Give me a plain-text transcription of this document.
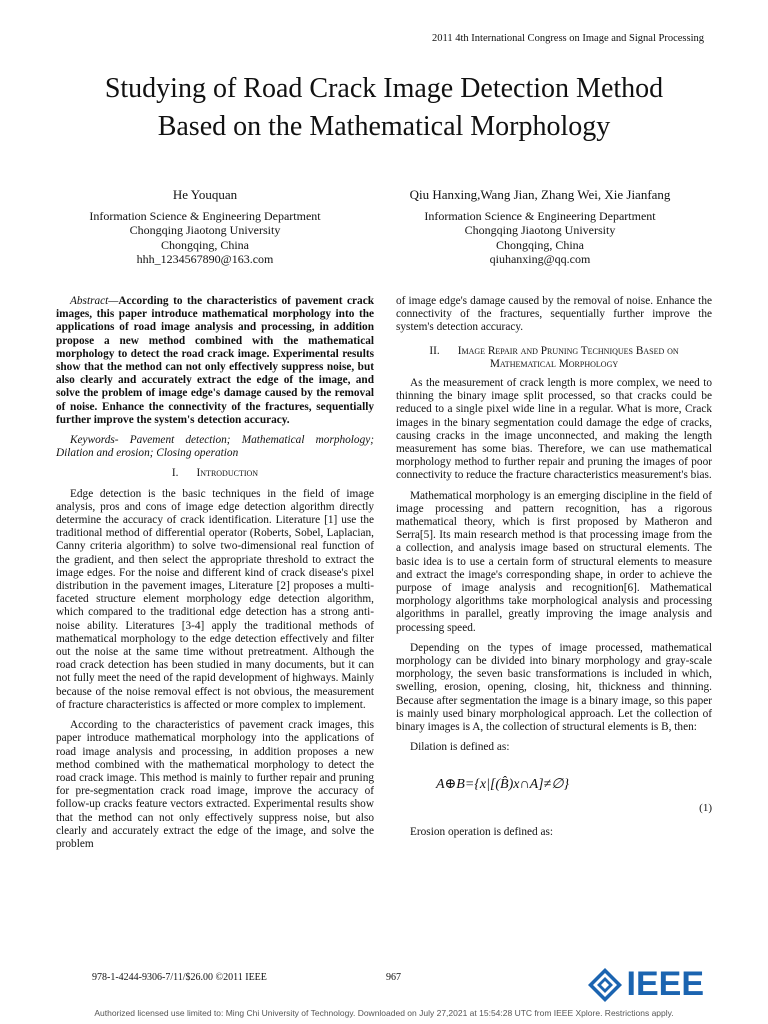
2011 4th International Congress on Image and Signal Processing
Studying of Road Crack Image Detection Method
Based on the Mathematical Morphology
He Youquan
Information Science & Engineering Department
Chongqing Jiaotong University
Chongqing, China
hhh_1234567890@163.com
Qiu Hanxing,Wang Jian, Zhang Wei, Xie Jianfang
Information Science & Engineering Department
Chongqing Jiaotong University
Chongqing, China
qiuhanxing@qq.com

Abstract—According to the characteristics of pavement crack images, this paper introduce mathematical morphology into the applications of road image analysis and processing, in addition propose a new method combined with the mathematical morphology to detect the road crack image. Experimental results show that the method can not only effectively suppress noise, but also clearly and accurately extract the edge of the image, and solve the problem of image edge's damage caused by the removal of noise. Enhance the connectivity of the fractures, sequentially further improve the system's detection accuracy.

Keywords- Pavement detection; Mathematical morphology; Dilation and erosion; Closing operation

I. Introduction

Edge detection is the basic techniques in the field of image analysis, pros and cons of image edge detection algorithm directly determine the accuracy of crack identification. Literature [1] use the traditional method of differential operator (Roberts, Sobel, Laplacian, Canny criteria algorithm) to solve two-dimensional real function of the gradient, and then select the appropriate threshold to extract the image edges. For the noise and different kind of crack disease's pixel distribution in the pavement images, Literature [2] proposes a multi-faceted structure element morphology edge detection algorithm, which compared to the traditional edge detection has a strong anti-noise ability. Literatures [3-4] apply the traditional methods of mathematical morphology to the edge detection effectively and filter out the noise at the same time without pretreatment. Although the road crack detection has been studied in many documents, but it can not fully meet the need of the rapid development of highways. Mainly because of the noise removal effect is not obvious, the measurement of fracture characteristics is affected or more complex to implement.

According to the characteristics of pavement crack images, this paper introduce mathematical morphology into the applications of road image analysis and processing, in addition proposes a new method combined with the mathematical morphology to detect the road crack image. This method is mainly to further repair and pruning for pre-segmentation crack road image, improve the accuracy of follow-up cracks feature vectors extracted. Experimental results show that the method can not only effectively suppress noise, but also clearly and accurately extract the edge of the image, and solve the problem

of image edge's damage caused by the removal of noise. Enhance the connectivity of the fractures, sequentially further improve the system's detection accuracy.

II. Image Repair and Pruning Techniques Based on
Mathematical Morphology

As the measurement of crack length is more complex, we need to thinning the binary image split processed, so that cracks could be reduced to a single pixel wide line in a regular. What is more, Crack images in the binary segmentation could damage the edge of cracks, causing cracks in the image unconnected, and making the length measurement has some bias. Therefore, we can use mathematical morphology method to further repair and pruning the images of poor connectivity to reduce the fracture characteristics measurement's bias.

Mathematical morphology is an emerging discipline in the field of image processing and pattern recognition, has a rigorous mathematical theory, which is first proposed by Matheron and Serra[5]. Its main research method is that processing image from the a collection, and analysis image based on structural elements. The basic idea is to use a certain form of structural elements to measure and extract the image's corresponding shape, in order to achieve the purpose of image analysis and recognition[6]. Mathematical morphology algorithms take morphological analysis and processing algorithms in parallel, greatly improving the image analysis and processing speed.

Depending on the types of image processed, mathematical morphology can be divided into binary morphology and gray-scale morphology, the seven basic transformations is included in which, swelling, erosion, opening, closing, hit, thickness and thinning. Because after segmentation the image is a binary image, so this paper is mainly used binary morphological approach. Let the collection of binary images is A, the collection of structural elements is B, then:

Dilation is defined as:

A⊕B={x|[(B̂)x∩A]≠∅}
(1)

Erosion operation is defined as:

978-1-4244-9306-7/11/$26.00 ©2011 IEEE	967	IEEE
Authorized licensed use limited to: Ming Chi University of Technology. Downloaded on July 27,2021 at 15:54:28 UTC from IEEE Xplore. Restrictions apply.
